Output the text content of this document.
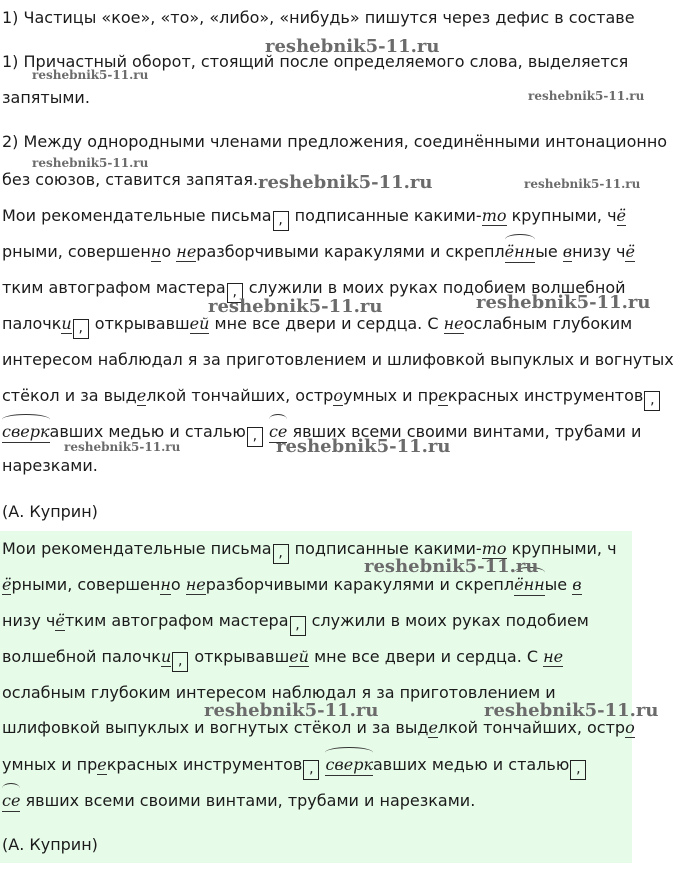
1) Частицы «кое», «то», «либо», «нибудь» пишутся через дефис в составе
1) Причастный оборот, стоящий после определяемого слова, выделяется
запятыми.
2) Между однородными членами предложения, соединёнными интонационно
без союзов, ставится запятая.
Мои рекомендательные письма , подписанные какими-то крупными, чё
рными, совершенно неразборчивыми каракулями и скреплённые внизу чё
тким автографом мастера , служили в моих руках подобием волшебной
палочки , открывавшей мне все двери и сердца. С неослабным глубоким
интересом наблюдал я за приготовлением и шлифовкой выпуклых и вогнутых
стёкол и за выделкой тончайших, остроумных и прекрасных инструментов ,
сверкавших медью и сталью , се явших всеми своими винтами, трубами и
нарезками.
(А. Куприн)
Мои рекомендательные письма , подписанные какими-то крупными, ч
ёрными, совершенно неразборчивыми каракулями и скреплённые в
низу чётким автографом мастера , служили в моих руках подобием
волшебной палочки , открывавшей мне все двери и сердца. С не
ослабным глубоким интересом наблюдал я за приготовлением и
шлифовкой выпуклых и вогнутых стёкол и за выделкой тончайших, остро
умных и прекрасных инструментов , сверкавших медью и сталью ,
се явших всеми своими винтами, трубами и нарезками.
(А. Куприн)
reshebnik5-11.ru
reshebnik5-11.ru
reshebnik5-11.ru
reshebnik5-11.ru
reshebnik5-11.ru	reshebnik5-11.ru
reshebnik5-11.ru	reshebnik5-11.ru
reshebnik5-11.ru	reshebnik5-11.ru
reshebnik5-11.ru
reshebnik5-11.ru	reshebnik5-11.ru
